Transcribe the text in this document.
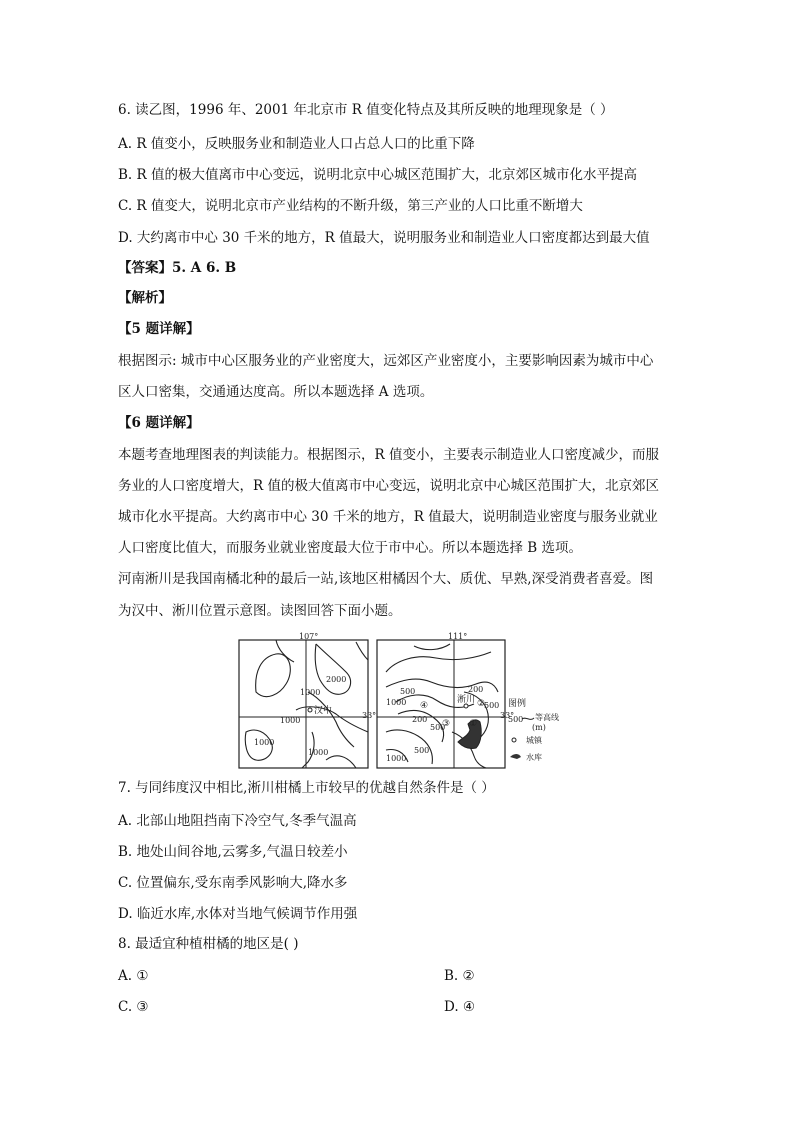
6. 读乙图，1996 年、2001 年北京市 R 值变化特点及其所反映的地理现象是（ ）
A. R 值变小，反映服务业和制造业人口占总人口的比重下降
B. R 值的极大值离市中心变远，说明北京中心城区范围扩大，北京郊区城市化水平提高
C. R 值变大，说明北京市产业结构的不断升级，第三产业的人口比重不断增大
D. 大约离市中心 30 千米的地方，R 值最大，说明服务业和制造业人口密度都达到最大值
【答案】5. A 6. B
【解析】
【5 题详解】
根据图示: 城市中心区服务业的产业密度大，远郊区产业密度小，主要影响因素为城市中心
区人口密集，交通通达度高。所以本题选择 A 选项。
【6 题详解】
本题考查地理图表的判读能力。根据图示，R 值变小，主要表示制造业人口密度减少，而服
务业的人口密度增大，R 值的极大值离市中心变远，说明北京中心城区范围扩大，北京郊区
城市化水平提高。大约离市中心 30 千米的地方，R 值最大，说明制造业密度与服务业就业
人口密度比值大，而服务业就业密度最大位于市中心。所以本题选择 B 选项。
河南淅川是我国南橘北种的最后一站,该地区柑橘因个大、质优、早熟,深受消费者喜爱。图
为汉中、淅川位置示意图。读图回答下面小题。
107°
33°
1000
2000
1000
1000
1000
汉中
111°
33°
1000
500
500
200
200
500
500
1000
淅川
①
②
③
④	图例
500 等高线
(m)
城镇
水库
7. 与同纬度汉中相比,淅川柑橘上市较早的优越自然条件是（ ）
A. 北部山地阻挡南下冷空气,冬季气温高
B. 地处山间谷地,云雾多,气温日较差小
C. 位置偏东,受东南季风影响大,降水多
D. 临近水库,水体对当地气候调节作用强
8. 最适宜种植柑橘的地区是( )
A. ①	B. ②
C. ③	D. ④
